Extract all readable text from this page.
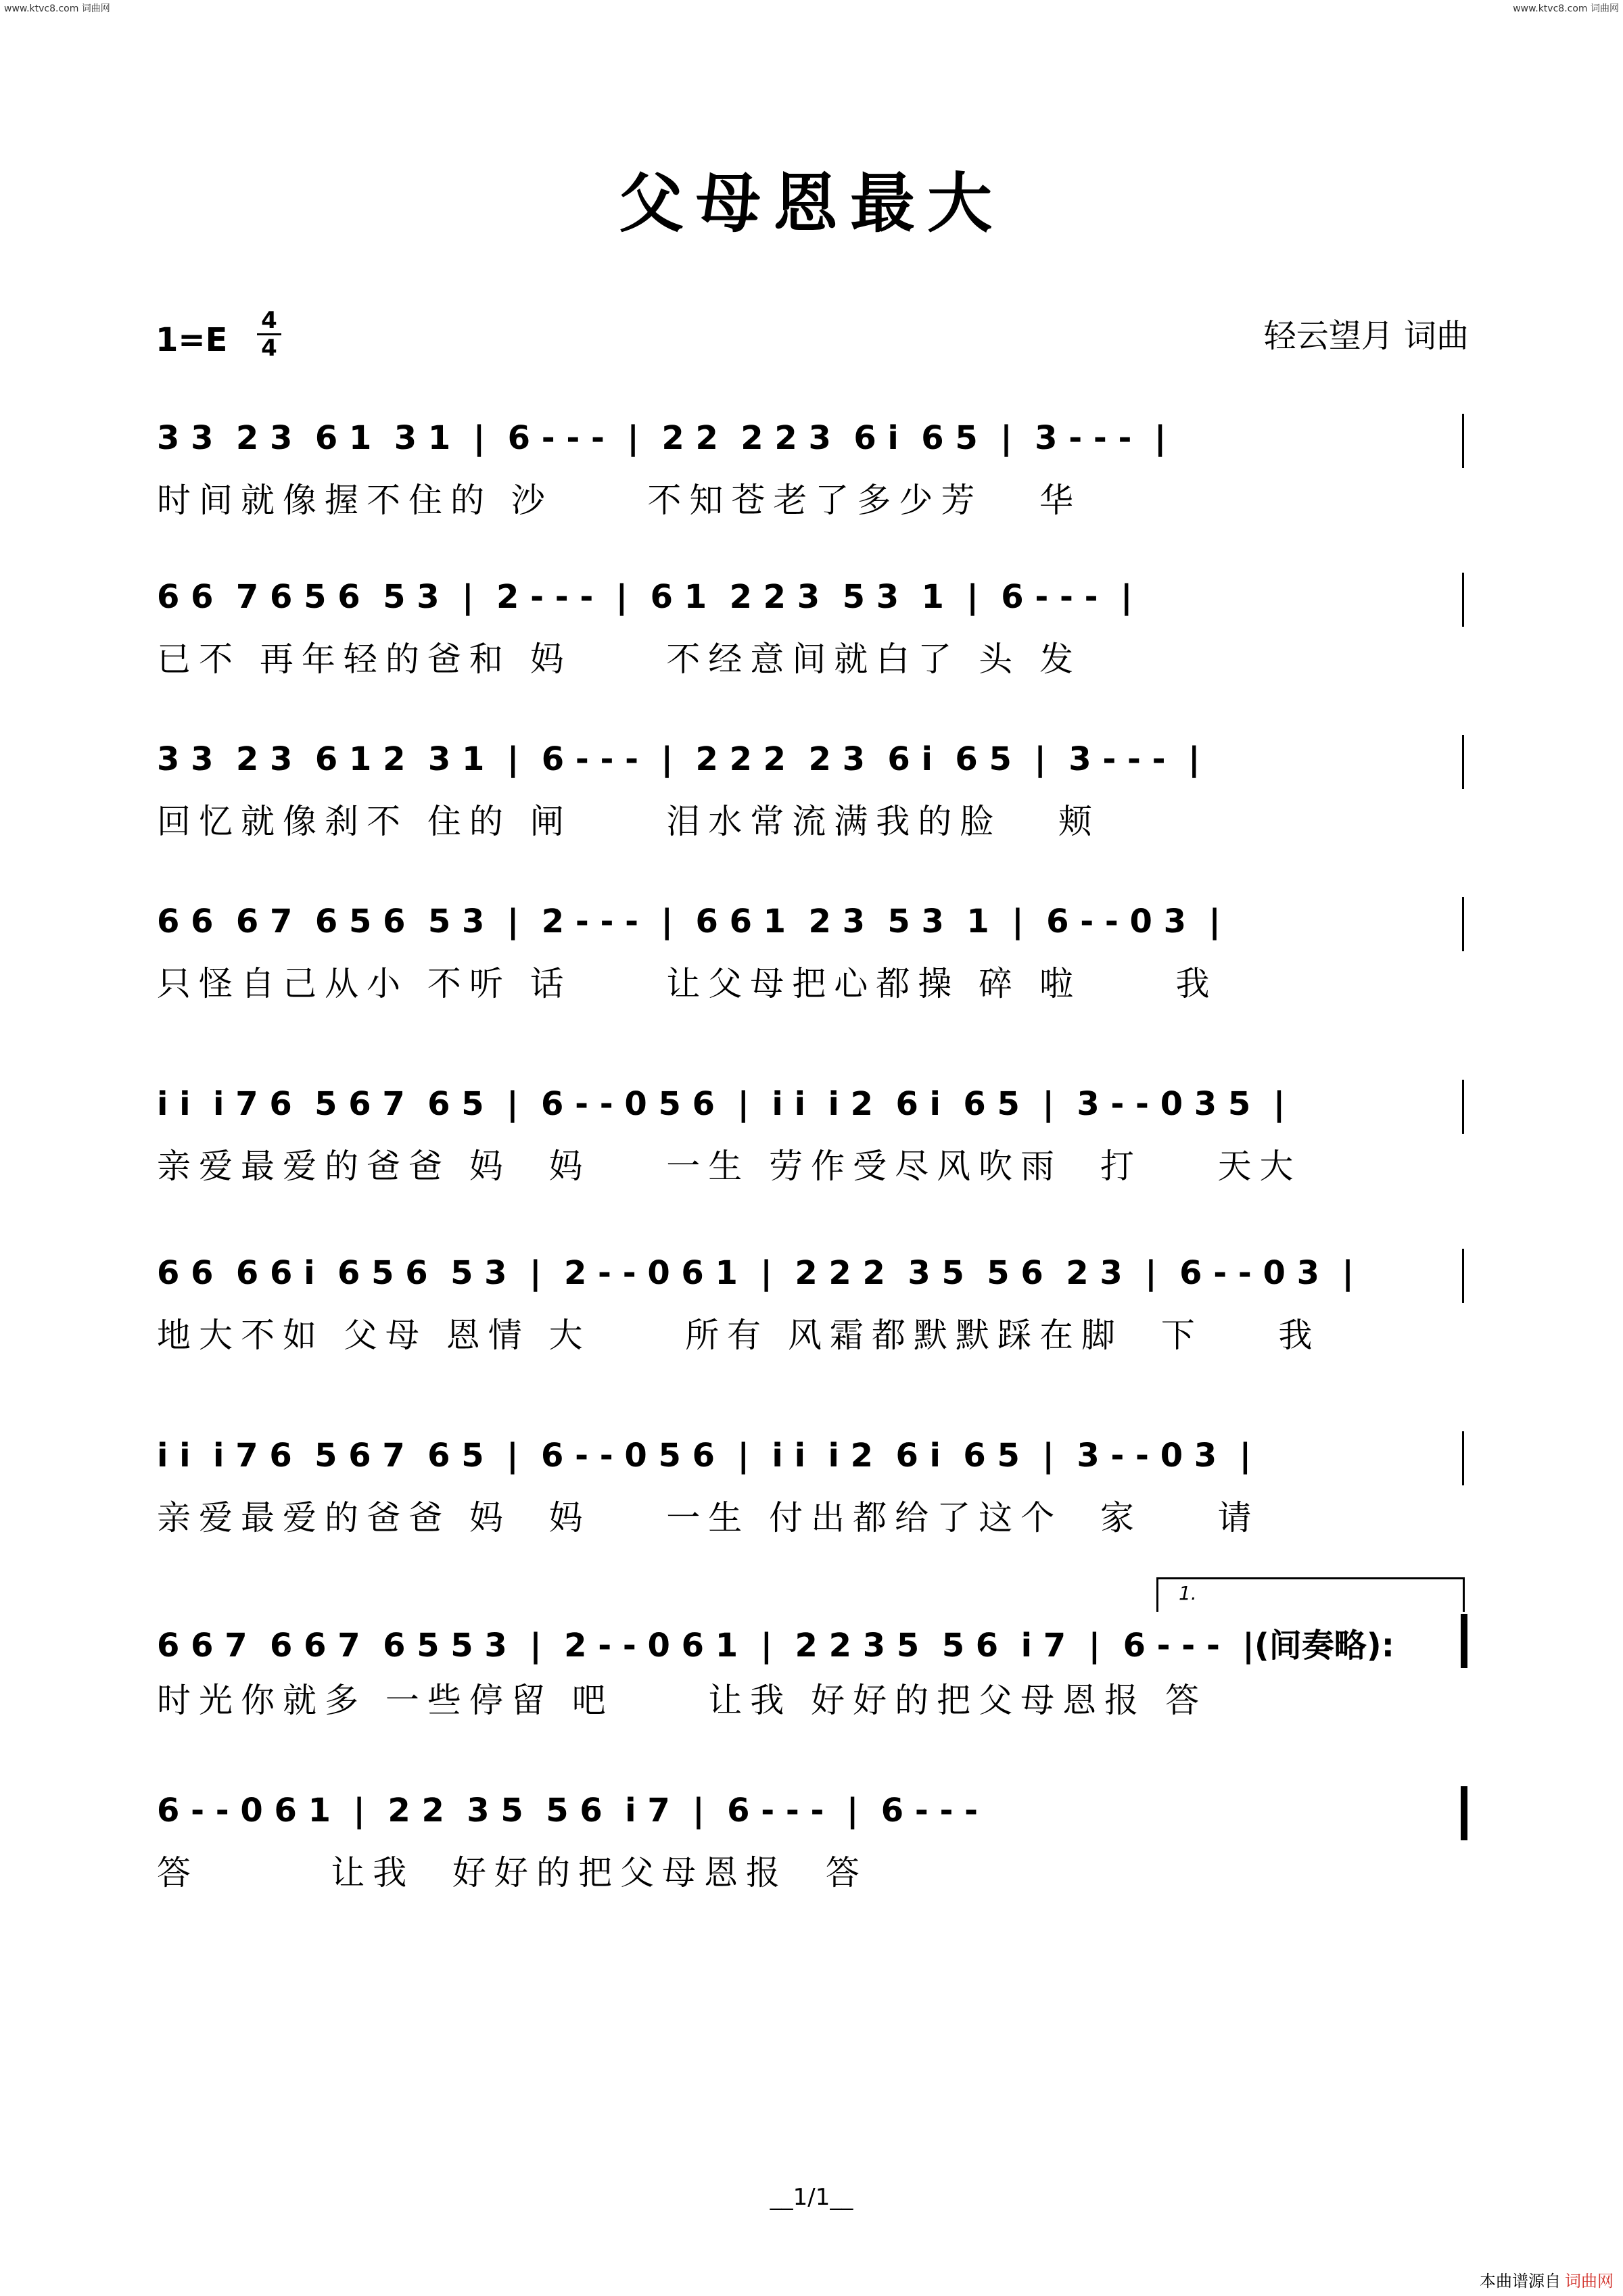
www.ktvc8.com 词曲网	www.ktvc8.com 词曲网
父母恩最大
1=E
4
4	轻云望月 词曲
3 3  2 3  6 1  3 1  |  6 - - -  |  2 2  2 2 3  6 i  6 5  |  3 - - -  |
时间就像握不住的 沙     不知苍老了多少芳   华
6 6  7 6 5 6  5 3  |  2 - - -  |  6 1  2 2 3  5 3  1  |  6 - - -  |
已不 再年轻的爸和 妈     不经意间就白了 头 发
3 3  2 3  6 1 2  3 1  |  6 - - -  |  2 2 2  2 3  6 i  6 5  |  3 - - -  |
回忆就像刹不 住的 闸     泪水常流满我的脸   颊
6 6  6 7  6 5 6  5 3  |  2 - - -  |  6 6 1  2 3  5 3  1  |  6 - - 0 3  |
只怪自己从小 不听 话     让父母把心都操 碎 啦     我
i i  i 7 6  5 6 7  6 5  |  6 - - 0 5 6  |  i i  i 2  6 i  6 5  |  3 - - 0 3 5  |
亲爱最爱的爸爸 妈  妈    一生 劳作受尽风吹雨  打    天大
6 6  6 6 i  6 5 6  5 3  |  2 - - 0 6 1  |  2 2 2  3 5  5 6  2 3  |  6 - - 0 3  |
地大不如 父母 恩情 大     所有 风霜都默默踩在脚  下    我
i i  i 7 6  5 6 7  6 5  |  6 - - 0 5 6  |  i i  i 2  6 i  6 5  |  3 - - 0 3  |
亲爱最爱的爸爸 妈  妈    一生 付出都给了这个  家    请
1.
6 6 7  6 6 7  6 5 5 3  |  2 - - 0 6 1  |  2 2 3 5  5 6  i 7  |  6 - - -  |(间奏略):
时光你就多 一些停留 吧     让我 好好的把父母恩报 答
6 - - 0 6 1  |  2 2  3 5  5 6  i 7  |  6 - - -  |  6 - - -
答       让我  好好的把父母恩报  答
__1/1__
本曲谱源自 词曲网
